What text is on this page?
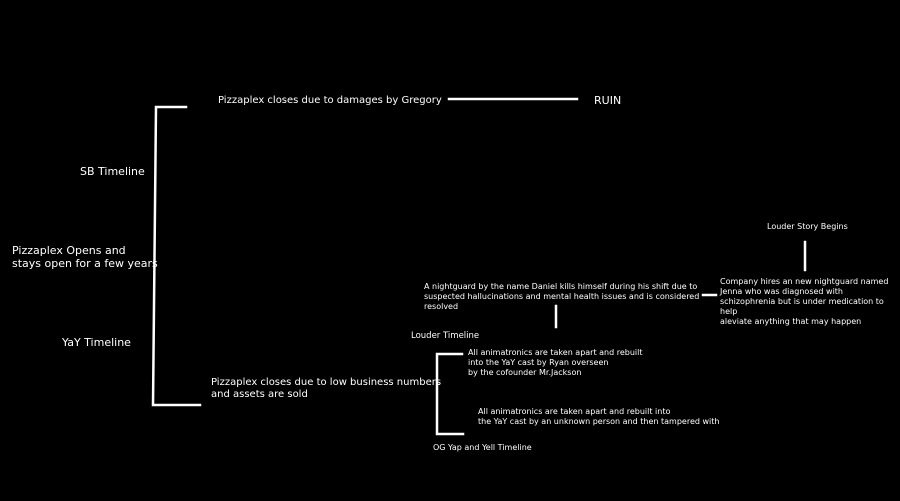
Pizzaplex Opens and
stays open for a few years
SB Timeline
YaY Timeline
Pizzaplex closes due to damages by Gregory	RUIN
Pizzaplex closes due to low business numbers
and assets are sold
Louder Timeline
A nightguard by the name Daniel kills himself during his shift due to
suspected hallucinations and mental health issues and is considered
resolved
Company hires an new nightguard named
Jenna who was diagnosed with
schizophrenia but is under medication to help
aleviate anything that may happen
Louder Story Begins
All animatronics are taken apart and rebuilt
into the YaY cast by Ryan overseen
by the cofounder Mr.Jackson
All animatronics are taken apart and rebuilt into
the YaY cast by an unknown person and then tampered with
OG Yap and Yell Timeline
